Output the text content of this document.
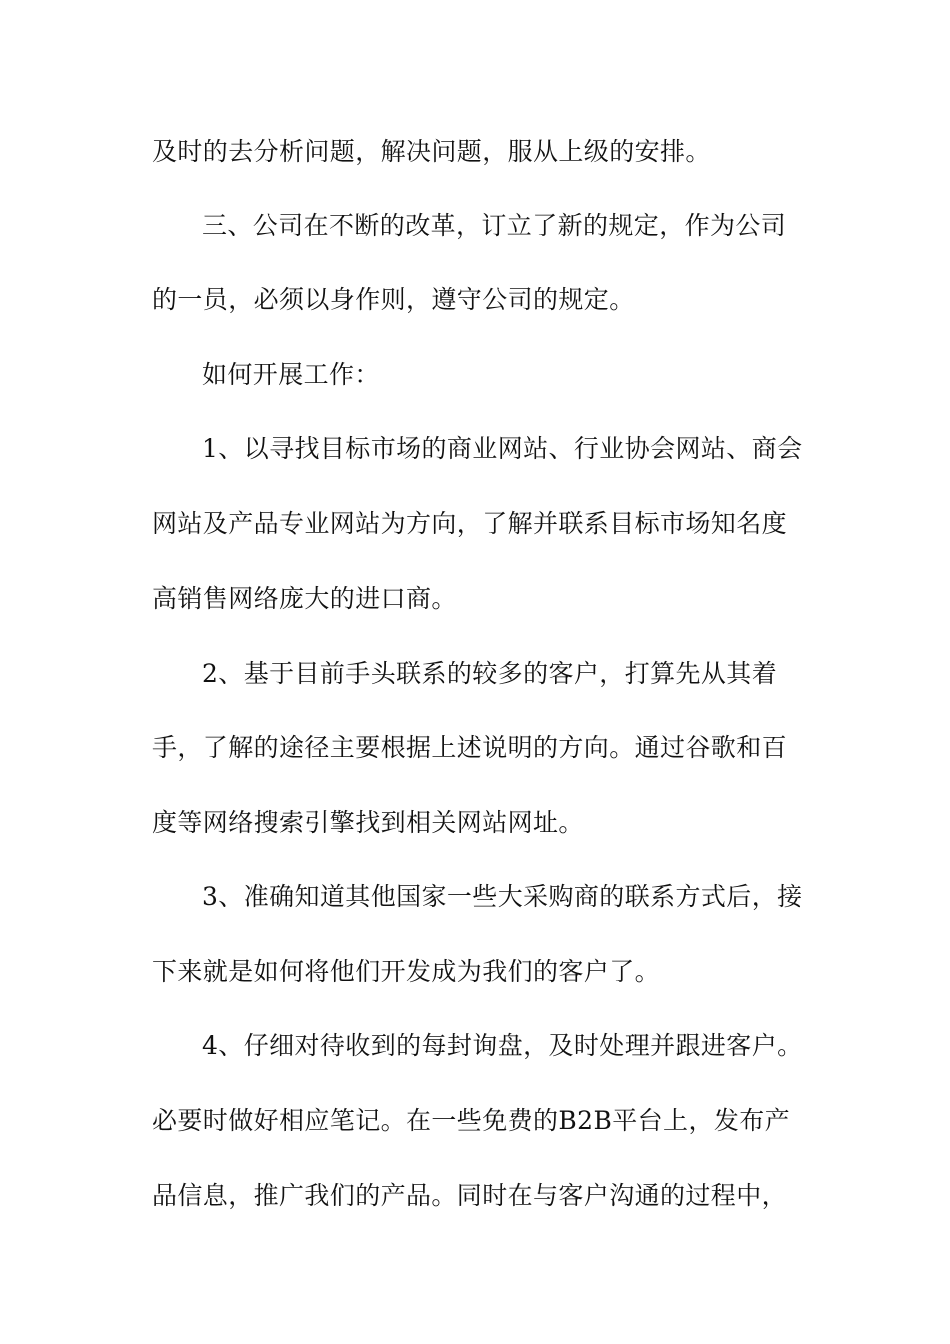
及时的去分析问题，解决问题，服从上级的安排。
三、公司在不断的改革，订立了新的规定，作为公司
的一员，必须以身作则，遵守公司的规定。
如何开展工作：
1、以寻找目标市场的商业网站、行业协会网站、商会
网站及产品专业网站为方向，了解并联系目标市场知名度
高销售网络庞大的进口商。
2、基于目前手头联系的较多的客户，打算先从其着
手，了解的途径主要根据上述说明的方向。通过谷歌和百
度等网络搜索引擎找到相关网站网址。
3、准确知道其他国家一些大采购商的联系方式后，接
下来就是如何将他们开发成为我们的客户了。
4、仔细对待收到的每封询盘，及时处理并跟进客户。
必要时做好相应笔记。在一些免费的B2B平台上，发布产
品信息，推广我们的产品。同时在与客户沟通的过程中，
